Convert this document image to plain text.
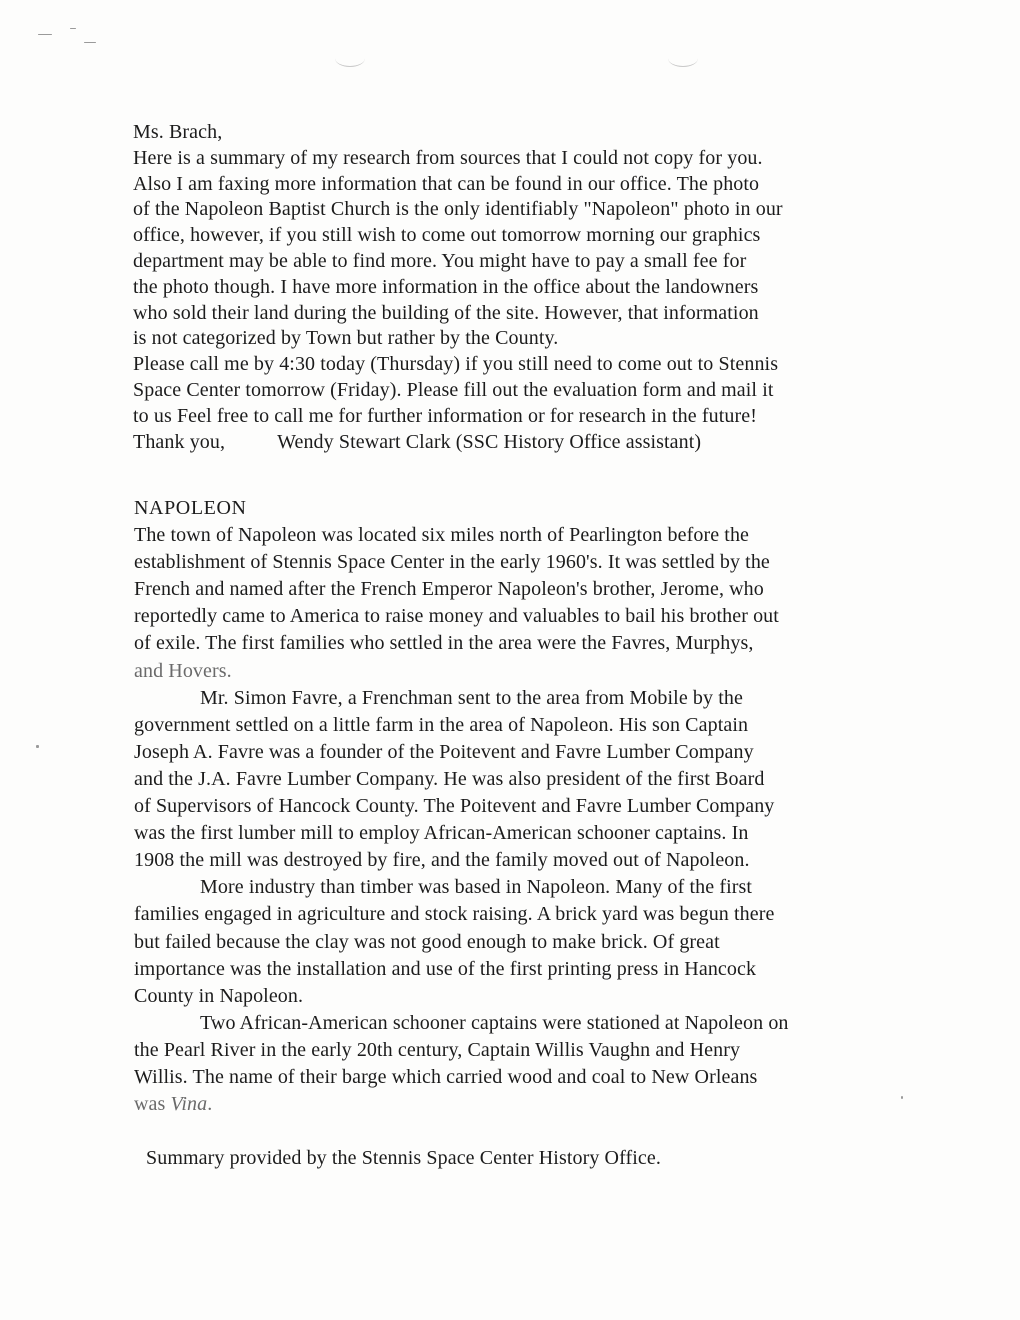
Ms. Brach,
Here is a summary of my research from sources that I could not copy for you.
Also I am faxing more information that can be found in our office. The photo
of the Napoleon Baptist Church is the only identifiably "Napoleon" photo in our
office, however, if you still wish to come out tomorrow morning our graphics
department may be able to find more. You might have to pay a small fee for
the photo though. I have more information in the office about the landowners
who sold their land during the building of the site. However, that information
is not categorized by Town but rather by the County.
Please call me by 4:30 today (Thursday) if you still need to come out to Stennis
Space Center tomorrow (Friday). Please fill out the evaluation form and mail it
to us Feel free to call me for further information or for research in the future!
Thank you,	Wendy Stewart Clark (SSC History Office assistant)
NAPOLEON
The town of Napoleon was located six miles north of Pearlington before the
establishment of Stennis Space Center in the early 1960's. It was settled by the
French and named after the French Emperor Napoleon's brother, Jerome, who
reportedly came to America to raise money and valuables to bail his brother out
of exile. The first families who settled in the area were the Favres, Murphys,
and Hovers.
Mr. Simon Favre, a Frenchman sent to the area from Mobile by the
government settled on a little farm in the area of Napoleon. His son Captain
Joseph A. Favre was a founder of the Poitevent and Favre Lumber Company
and the J.A. Favre Lumber Company. He was also president of the first Board
of Supervisors of Hancock County. The Poitevent and Favre Lumber Company
was the first lumber mill to employ African-American schooner captains. In
1908 the mill was destroyed by fire, and the family moved out of Napoleon.
More industry than timber was based in Napoleon. Many of the first
families engaged in agriculture and stock raising. A brick yard was begun there
but failed because the clay was not good enough to make brick. Of great
importance was the installation and use of the first printing press in Hancock
County in Napoleon.
Two African-American schooner captains were stationed at Napoleon on
the Pearl River in the early 20th century, Captain Willis Vaughn and Henry
Willis. The name of their barge which carried wood and coal to New Orleans
was Vina.
Summary provided by the Stennis Space Center History Office.
